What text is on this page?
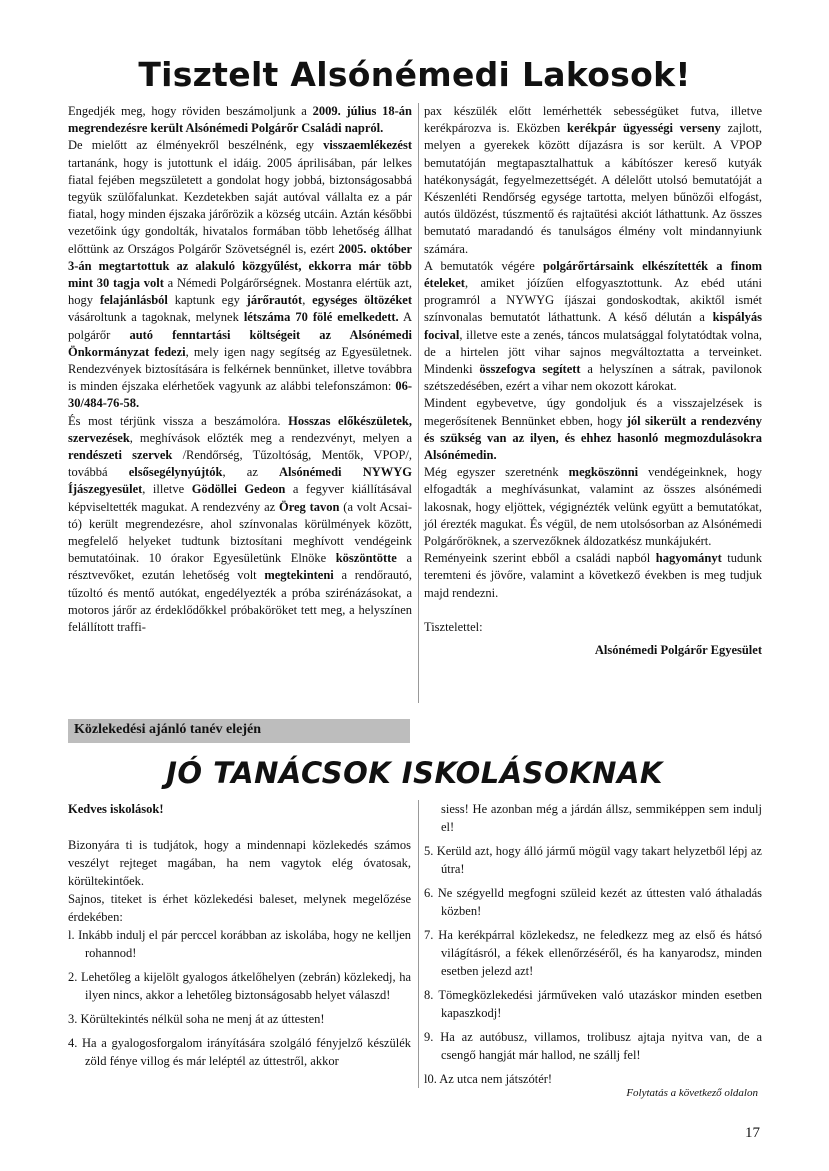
Tisztelt Alsónémedi Lakosok!

Engedjék meg, hogy röviden beszámoljunk a 2009. július 18-án megrendezésre került Alsónémedi Polgárőr Családi napról.

De mielőtt az élményekről beszélnénk, egy visszaemlékezést tartanánk, hogy is jutottunk el idáig. 2005 áprilisában, pár lelkes fiatal fejében megszületett a gondolat hogy jobbá, biztonságosabbá tegyük szülőfalunkat. Kezdetekben saját autóval vállalta ez a pár fiatal, hogy minden éjszaka járőrözik a község utcáin. Aztán későbbi vezetőink úgy gondolták, hivatalos formában több lehetőség állhat előttünk az Országos Polgárőr Szövetségnél is, ezért 2005. október 3-án megtartottuk az alakuló közgyűlést, ekkorra már több mint 30 tagja volt a Némedi Polgárőrségnek. Mostanra elértük azt, hogy felajánlásból kaptunk egy járőrautót, egységes öltözéket vásároltunk a tagoknak, melynek létszáma 70 fölé emelkedett. A polgárőr autó fenntartási költségeit az Alsónémedi Önkormányzat fedezi, mely igen nagy segítség az Egyesületnek. Rendezvények biztosítására is felkérnek bennünket, illetve továbbra is minden éjszaka elérhetőek vagyunk az alábbi telefonszámon: 06-30/484-76-58.

És most térjünk vissza a beszámolóra. Hosszas előkészületek, szervezések, meghívások előzték meg a rendezvényt, melyen a rendészeti szervek /Rendőrség, Tűzoltóság, Mentők, VPOP/, továbbá elsősegélynyújtók, az Alsónémedi NYWYG Íjászegyesület, illetve Gödöllei Gedeon a fegyver kiállításával képviseltették magukat. A rendezvény az Öreg tavon (a volt Acsai-tó) került megrendezésre, ahol színvonalas körülmények között, megfelelő helyeket tudtunk biztosítani meghívott vendégeink bemutatóinak. 10 órakor Egyesületünk Elnöke köszöntötte a résztvevőket, ezután lehetőség volt megtekinteni a rendőrautó, tűzoltó és mentő autókat, engedélyezték a próba szirénázásokat, a motoros járőr az érdeklődőkkel próbaköröket tett meg, a helyszínen felállított traffi-

pax készülék előtt lemérhették sebességüket futva, illetve kerékpározva is. Eközben kerékpár ügyességi verseny zajlott, melyen a gyerekek között díjazásra is sor került. A VPOP bemutatóján megtapasztalhattuk a kábítószer kereső kutyák hatékonyságát, fegyelmezettségét. A délelőtt utolsó bemutatóját a Készenléti Rendőrség egysége tartotta, melyen bűnözői elfogást, autós üldözést, túszmentő és rajtaütési akciót láthattunk. Az összes bemutató maradandó és tanulságos élmény volt mindannyiunk számára.

A bemutatók végére polgárőrtársaink elkészítették a finom ételeket, amiket jóízűen elfogyasztottunk. Az ebéd utáni programról a NYWYG íjászai gondoskodtak, akiktől ismét színvonalas bemutatót láthattunk. A késő délután a kispályás focival, illetve este a zenés, táncos mulatsággal folytatódtak volna, de a hirtelen jött vihar sajnos megváltoztatta a terveinket. Mindenki összefogva segített a helyszínen a sátrak, pavilonok szétszedésében, ezért a vihar nem okozott károkat.

Mindent egybevetve, úgy gondoljuk és a visszajelzések is megerősítenek Bennünket ebben, hogy jól sikerült a rendezvény és szükség van az ilyen, és ehhez hasonló megmozdulásokra Alsónémedin.

Még egyszer szeretnénk megköszönni vendégeinknek, hogy elfogadták a meghívásunkat, valamint az összes alsónémedi lakosnak, hogy eljöttek, végignézték velünk együtt a bemutatókat, jól érezték magukat. És végül, de nem utolsósorban az Alsónémedi Polgárőröknek, a szervezőknek áldozatkész munkájukért.

Reményeink szerint ebből a családi napból hagyományt tudunk teremteni és jövőre, valamint a következő években is meg tudjuk majd rendezni.

Tisztelettel:

Alsónémedi Polgárőr Egyesület

Közlekedési ajánló tanév elején
JÓ TANÁCSOK ISKOLÁSOKNAK

Kedves iskolások!

Bizonyára ti is tudjátok, hogy a mindennapi közlekedés számos veszélyt rejteget magában, ha nem vagytok elég óvatosak, körültekintőek.

Sajnos, titeket is érhet közlekedési baleset, melynek megelőzése érdekében:

l. Inkább indulj el pár perccel korábban az iskolába, hogy ne kelljen rohannod!

2. Lehetőleg a kijelölt gyalogos átkelőhelyen (zebrán) közlekedj, ha ilyen nincs, akkor a lehetőleg biztonságosabb helyet válaszd!

3. Körültekintés nélkül soha ne menj át az úttesten!

4. Ha a gyalogosforgalom irányítására szolgáló fényjelző készülék zöld fénye villog és már leléptél az úttestről, akkor

siess! He azonban még a járdán állsz, semmiképpen sem indulj el!

5. Kerüld azt, hogy álló jármű mögül vagy takart helyzetből lépj az útra!

6. Ne szégyelld megfogni szüleid kezét az úttesten való áthaladás közben!

7. Ha kerékpárral közlekedsz, ne feledkezz meg az első és hátsó világításról, a fékek ellenőrzéséről, és ha kanyarodsz, minden esetben jelezd azt!

8. Tömegközlekedési járműveken való utazáskor minden esetben kapaszkodj!

9. Ha az autóbusz, villamos, trolibusz ajtaja nyitva van, de a csengő hangját már hallod, ne szállj fel!

l0. Az utca nem játszótér!

Folytatás a következő oldalon
17
